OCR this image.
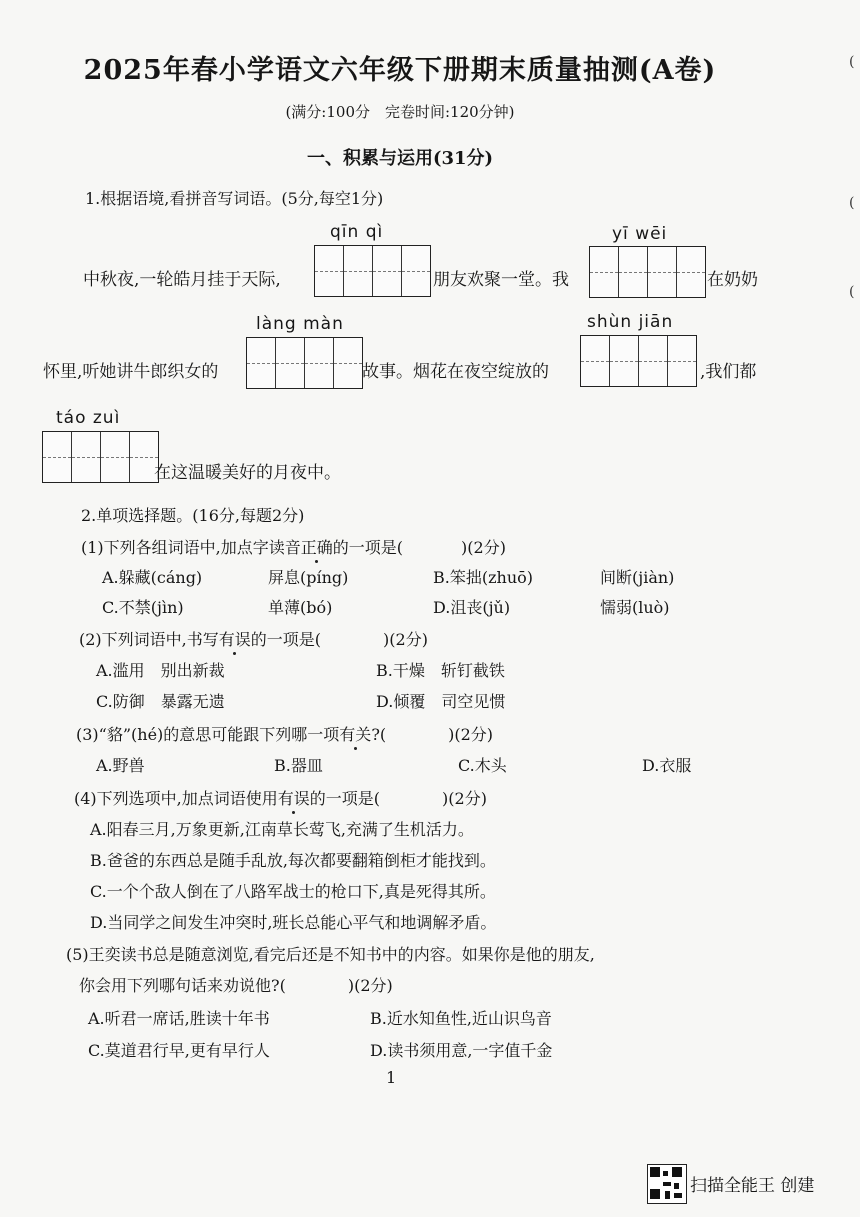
2025年春小学语文六年级下册期末质量抽测(A卷)
(满分:100分　完卷时间:120分钟)
一、积累与运用(31分)
1.根据语境,看拼音写词语。(5分,每空1分)
qīn qì	yī wēi
làng màn	shùn jiān
táo zuì
中秋夜,一轮皓月挂于天际,	朋友欢聚一堂。我	在奶奶
怀里,听她讲牛郎织女的	故事。烟花在夜空绽放的	,我们都
在这温暖美好的月夜中。
2.单项选择题。(16分,每题2分)
(1)下列各组词语中,加点字读音正确的一项是(	)(2分)
A.躲藏(cáng)	屏息(píng)	B.笨拙(zhuō)	间断(jiàn)
C.不禁(jìn)	单薄(bó)	D.沮丧(jǔ)	懦弱(luò)
(2)下列词语中,书写有误的一项是(	)(2分)
A.滥用　别出新裁	B.干燥　斩钉截铁
C.防御　暴露无遗	D.倾覆　司空见惯
(3)“貉”(hé)的意思可能跟下列哪一项有关?(	)(2分)
A.野兽	B.器皿	C.木头	D.衣服
(4)下列选项中,加点词语使用有误的一项是(	)(2分)
A.阳春三月,万象更新,江南草长莺飞,充满了生机活力。
B.爸爸的东西总是随手乱放,每次都要翻箱倒柜才能找到。
C.一个个敌人倒在了八路军战士的枪口下,真是死得其所。
D.当同学之间发生冲突时,班长总能心平气和地调解矛盾。
(5)王奕读书总是随意浏览,看完后还是不知书中的内容。如果你是他的朋友,
你会用下列哪句话来劝说他?(	)(2分)
A.听君一席话,胜读十年书	B.近水知鱼性,近山识鸟音
C.莫道君行早,更有早行人	D.读书须用意,一字值千金
1
(
(
(
扫描全能王 创建
